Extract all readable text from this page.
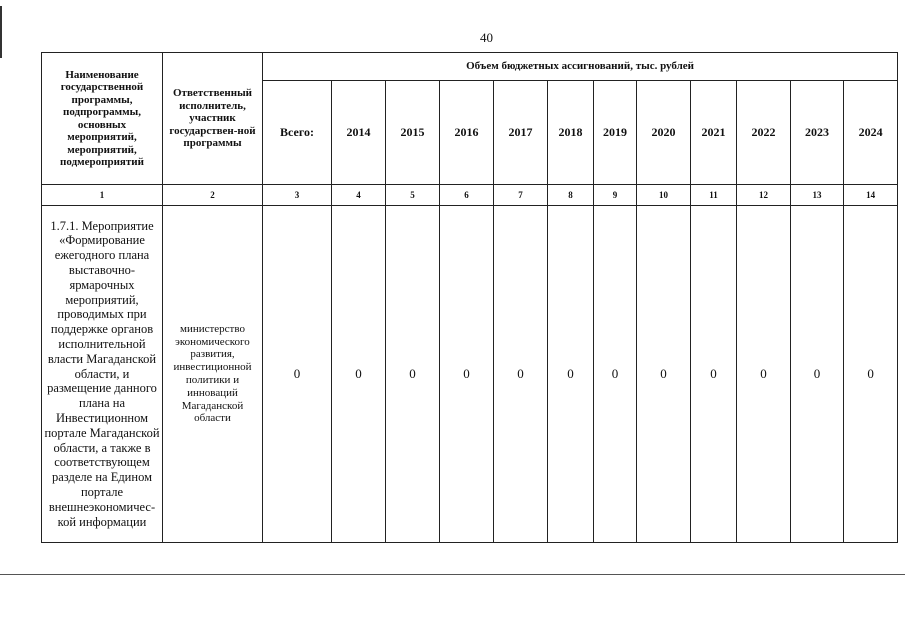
40
Наименование государственной программы, подпрограммы, основных мероприятий, мероприятий, подмероприятий	Ответственный исполнитель, участник государствен-ной программы	Объем бюджетных ассигнований, тыс. рублей											
		Всего:	2014	2015	2016	2017	2018	2019	2020	2021	2022	2023	2024
1	2	3	4	5	6	7	8	9	10	11	12	13	14
1.7.1. Мероприятие «Формирование ежегодного плана выставочно-ярмарочных мероприятий, проводимых при поддержке органов исполнительной власти Магаданской области, и размещение данного плана на Инвестиционном портале Магаданской области, а также в соответствующем разделе на Едином портале внешнеэкономичес-кой информации	министерство экономического развития, инвестиционной политики и инноваций Магаданской области	0	0	0	0	0	0	0	0	0	0	0	0
